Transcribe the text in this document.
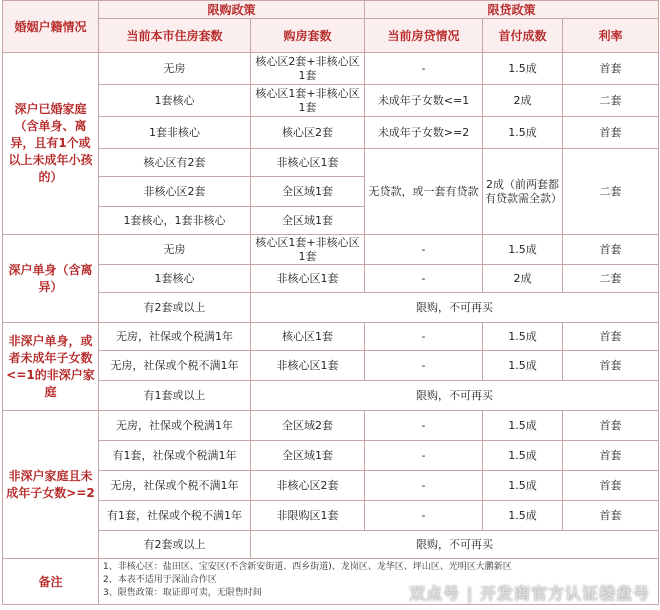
婚姻户籍情况	限购政策		限贷政策		
	当前本市住房套数	购房套数	当前房贷情况	首付成数	利率
深户已婚家庭（含单身、离异，且有1个或以上未成年小孩的）	无房	核心区2套+非核心区1套	-	1.5成	首套
	1套核心	核心区1套+非核心区1套	未成年子女数<=1	2成	二套
	1套非核心	核心区2套	未成年子女数>=2	1.5成	首套
	核心区有2套	非核心区1套	无贷款，或一套有贷款	2成（前两套都有贷款需全款）	二套
	非核心区2套	全区域1套			
	1套核心，1套非核心	全区域1套			
深户单身（含离异）	无房	核心区1套+非核心区1套	-	1.5成	首套
	1套核心	非核心区1套	-	2成	二套
	有2套或以上	限购，不可再买			
非深户单身，或者未成年子女数<=1的非深户家庭	无房，社保或个税满1年	核心区1套	-	1.5成	首套
	无房，社保或个税不满1年	非核心区1套	-	1.5成	首套
	有1套或以上	限购，不可再买			
非深户家庭且未成年子女数>=2	无房，社保或个税满1年	全区域2套	-	1.5成	首套
	有1套，社保或个税满1年	全区域1套	-	1.5成	首套
	无房，社保或个税不满1年	非核心区2套	-	1.5成	首套
	有1套，社保或个税不满1年	非限购区1套	-	1.5成	首套
	有2套或以上	限购，不可再买			
备注	1、非核心区：盐田区、宝安区(不含新安街道、西乡街道)、龙岗区、龙华区、坪山区、光明区大鹏新区
2、本表不适用于深汕合作区
3、限售政策：取证即可卖，无限售时间					双点号 | 开发商官方认证楼盘号
